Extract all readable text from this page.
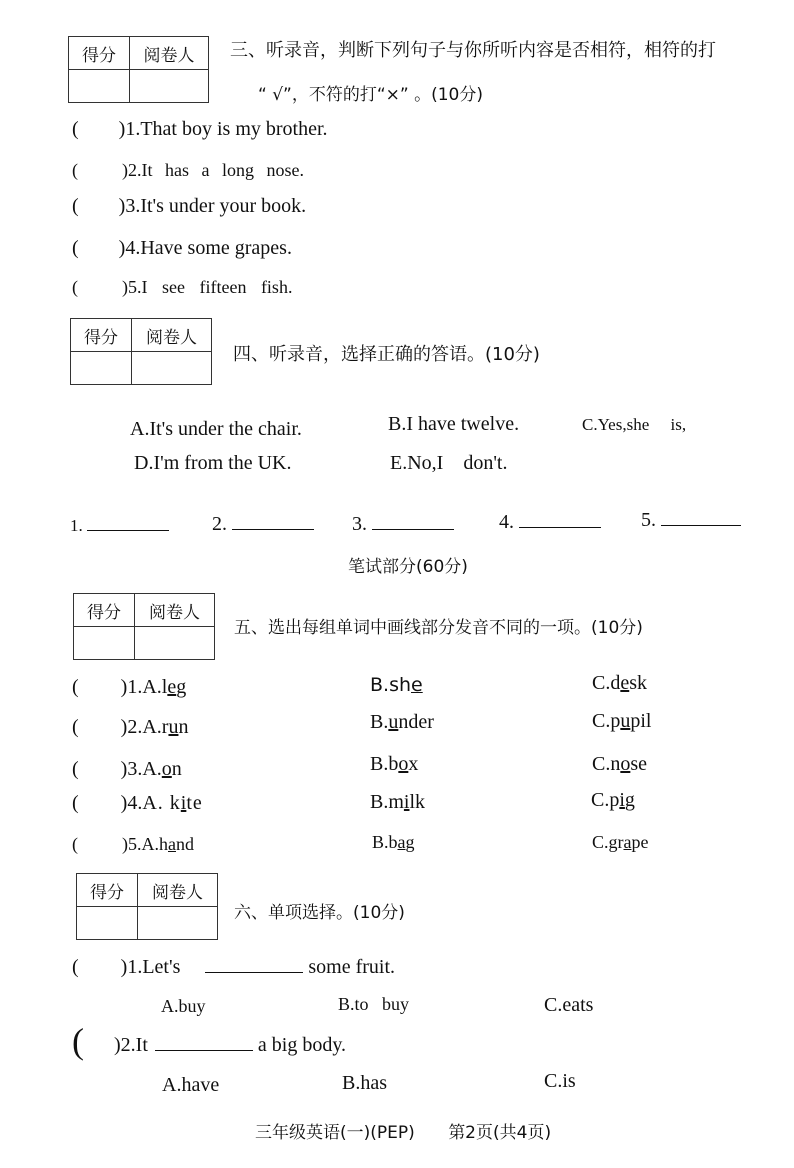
得分	阅卷人
	三、听录音，判断下列句子与你所听内容是否相符，相符的打
“ √”，不符的打“×” 。(10分)
( )1.That boy is my brother.
( )2.It has a long nose.
( )3.It's under your book.
( )4.Have some grapes.
( )5.I see fifteen fish.
得分	阅卷人

四、听录音，选择正确的答语。(10分)
A.It's under the chair.	B.I have twelve.	C.Yes,she     is,
D.I'm from the UK.	E.No,I    don't.
1.	2.	3.	4.	5.
笔试部分(60分)
得分	阅卷人

五、选出每组单词中画线部分发音不同的一项。(10分)
( )1.A.leg	B.she	C.desk
( )2.A.run	B.under	C.pupil
( )3.A.on	B.box	C.nose
( )4.A. kite	B.milk	C.pig
( )5.A.hand	B.bag	C.grape
得分	阅卷人

六、单项选择。(10分)
( )1.Let's	some fruit.
A.buy	B.to   buy	C.eats
( )2.It	a big body.
A.have	B.has	C.is
三年级英语(一)(PEP) 第2页(共4页)
